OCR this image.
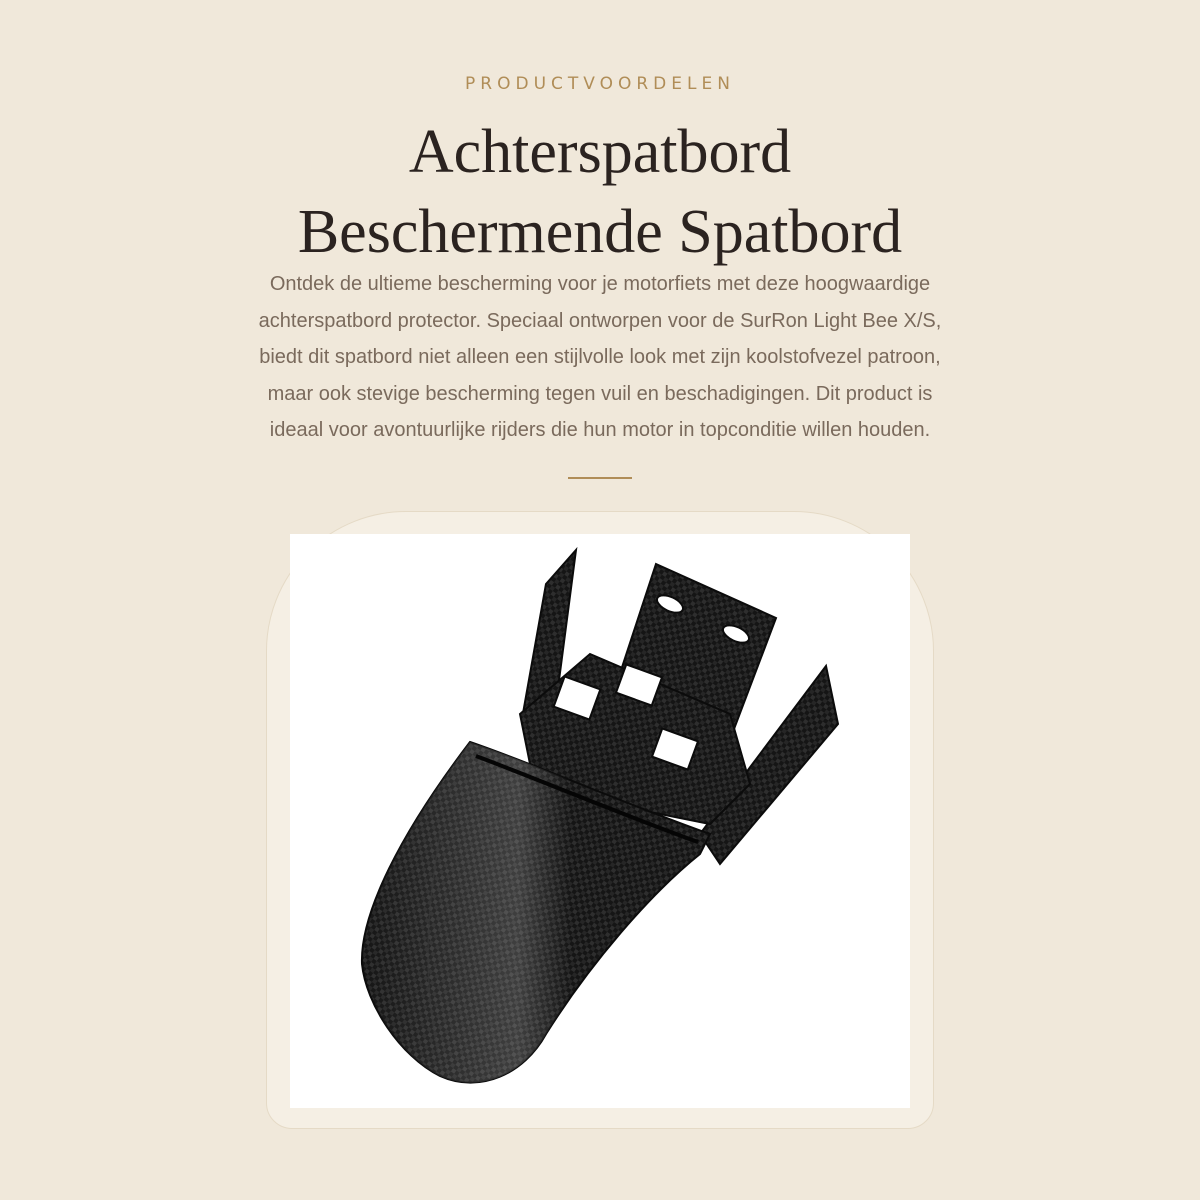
PRODUCTVOORDELEN
Achterspatbord
Beschermende Spatbord

Ontdek de ultieme bescherming voor je motorfiets met deze hoogwaardige
achterspatbord protector. Speciaal ontworpen voor de SurRon Light Bee X/S,
biedt dit spatbord niet alleen een stijlvolle look met zijn koolstofvezel patroon,
maar ook stevige bescherming tegen vuil en beschadigingen. Dit product is
ideaal voor avontuurlijke rijders die hun motor in topconditie willen houden.
